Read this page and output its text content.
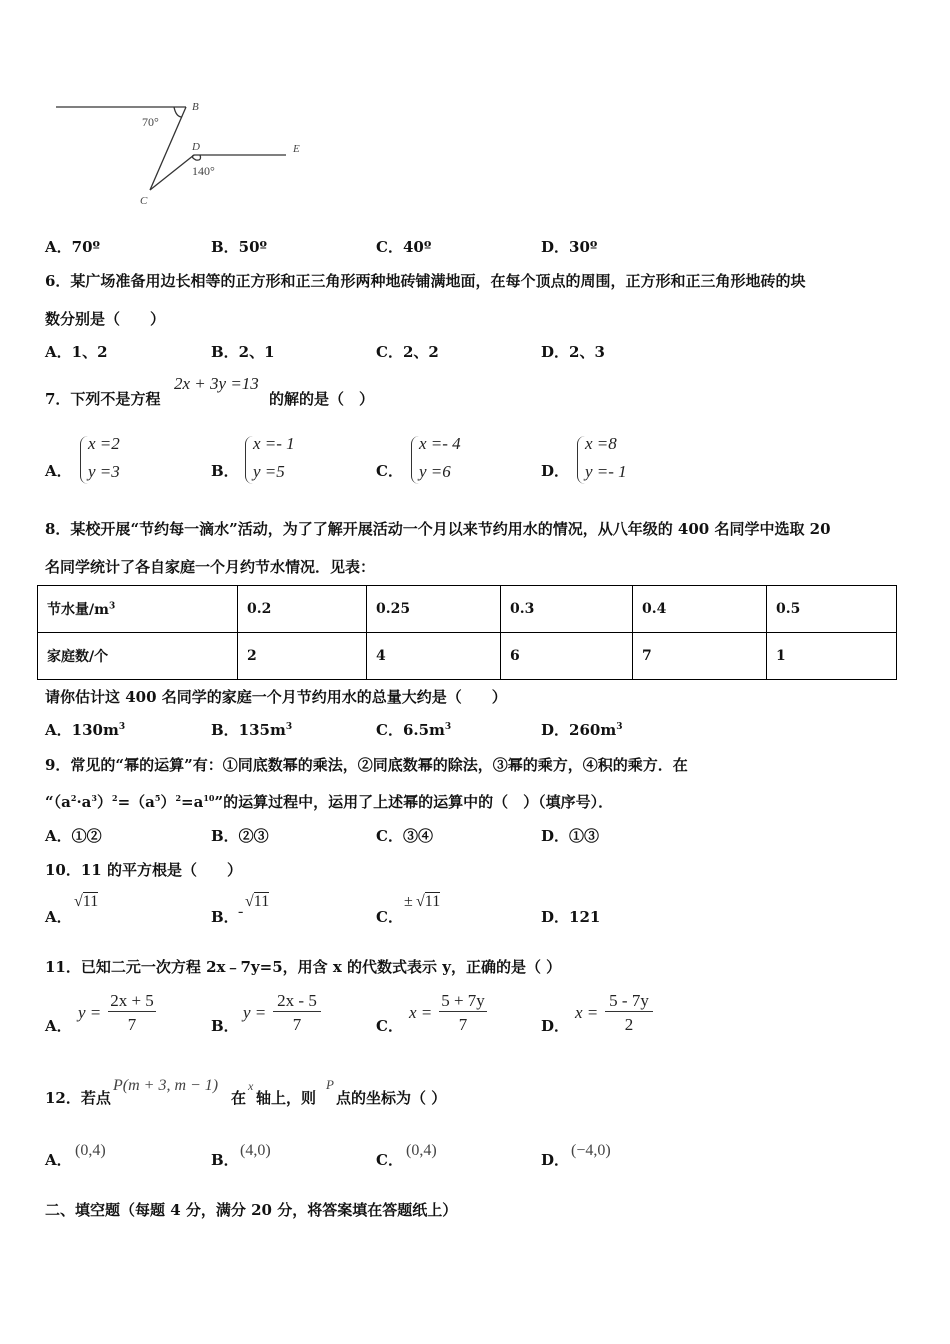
B
70°
D	E
140°
C
A．70º	B．50º	C．40º	D．30º
6．某广场准备用边长相等的正方形和正三角形两种地砖铺满地面，在每个顶点的周围，正方形和正三角形地砖的块
数分别是（　　）
A．1、2	B．2、1	C．2、2	D．2、3
7．下列不是方程
2x + 3y =13
的解的是（　）
A．
x =2
y =3	B．
x =- 1
y =5	C．
x =- 4
y =6	D．
x =8
y =- 1
8．某校开展“节约每一滴水”活动，为了了解开展活动一个月以来节约用水的情况，从八年级的 400 名同学中选取 20
名同学统计了各自家庭一个月约节水情况．见表：
节水量$/m^3$	0.2	0.25	0.3	0.4	0.5
家庭数/个	2	4	6	7	1
请你估计这 400 名同学的家庭一个月节约用水的总量大约是（　　）
A．$130m^3$	B．$135m^3$	C．$6.5m^3$	D．$260m^3$
9．常见的“幂的运算”有：①同底数幂的乘法，②同底数幂的除法，③幂的乘方，④积的乘方．在
“$(a^2\cdot a^3)^2=(a^5)^2=a^{10}$”的运算过程中，运用了上述幂的运算中的（　）（填序号）．
A．①②	B．②③	C．③④	D．①③
10．11 的平方根是（　　）
A．
√11
B． -
√11
C．
± √11
D．121
11．已知二元一次方程 2x﹣7y=5，用含 x 的代数式表示 y，正确的是（ ）
A．
y =
2x + 5
7	B．
y =
2x - 5
7	C．
x =
5 + 7y
7	D．
x =
5 - 7y
2
12．若点
P(m + 3, m − 1)
在
x
轴上，则
P
点的坐标为（ ）
A．
(0,4)
B．
(4,0)
C．
(0,4)
D．
(−4,0)
二、填空题（每题 4 分，满分 20 分，将答案填在答题纸上）
